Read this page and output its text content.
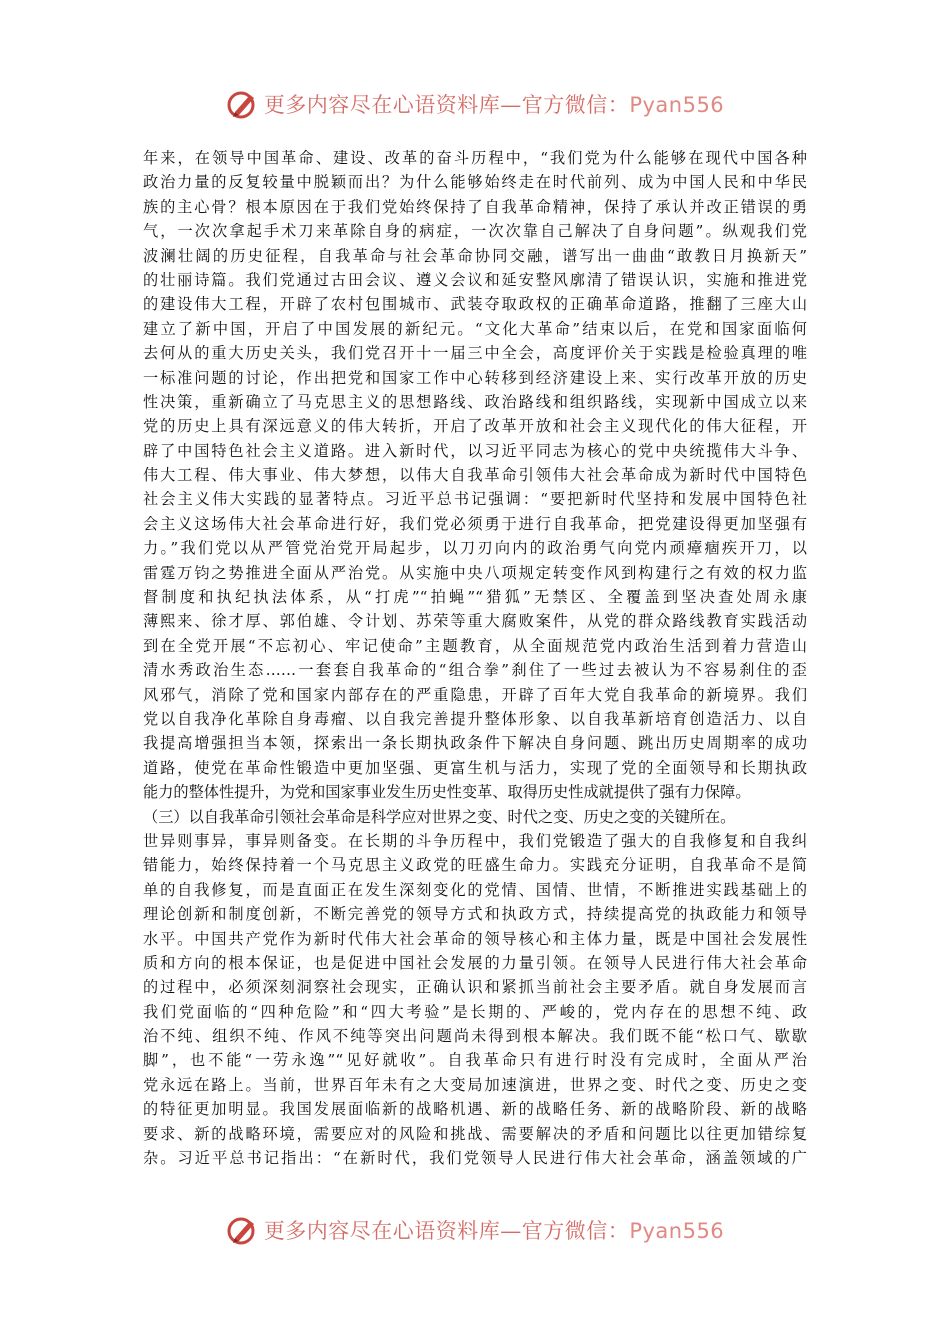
更多内容尽在心语资料库—官方微信：Pyan556
年来，在领导中国革命、建设、改革的奋斗历程中，“我们党为什么能够在现代中国各种
政治力量的反复较量中脱颖而出？为什么能够始终走在时代前列、成为中国人民和中华民
族的主心骨？根本原因在于我们党始终保持了自我革命精神，保持了承认并改正错误的勇
气，一次次拿起手术刀来革除自身的病症，一次次靠自己解决了自身问题”。纵观我们党
波澜壮阔的历史征程，自我革命与社会革命协同交融，谱写出一曲曲“敢教日月换新天”
的壮丽诗篇。我们党通过古田会议、遵义会议和延安整风廓清了错误认识，实施和推进党
的建设伟大工程，开辟了农村包围城市、武装夺取政权的正确革命道路，推翻了三座大山
建立了新中国，开启了中国发展的新纪元。“文化大革命”结束以后，在党和国家面临何
去何从的重大历史关头，我们党召开十一届三中全会，高度评价关于实践是检验真理的唯
一标准问题的讨论，作出把党和国家工作中心转移到经济建设上来、实行改革开放的历史
性决策，重新确立了马克思主义的思想路线、政治路线和组织路线，实现新中国成立以来
党的历史上具有深远意义的伟大转折，开启了改革开放和社会主义现代化的伟大征程，开
辟了中国特色社会主义道路。进入新时代，以习近平同志为核心的党中央统揽伟大斗争、
伟大工程、伟大事业、伟大梦想，以伟大自我革命引领伟大社会革命成为新时代中国特色
社会主义伟大实践的显著特点。习近平总书记强调：“要把新时代坚持和发展中国特色社
会主义这场伟大社会革命进行好，我们党必须勇于进行自我革命，把党建设得更加坚强有
力。”我们党以从严管党治党开局起步，以刀刃向内的政治勇气向党内顽瘴痼疾开刀，以
雷霆万钧之势推进全面从严治党。从实施中央八项规定转变作风到构建行之有效的权力监
督制度和执纪执法体系，从“打虎”“拍蝇”“猎狐”无禁区、全覆盖到坚决查处周永康
薄熙来、徐才厚、郭伯雄、令计划、苏荣等重大腐败案件，从党的群众路线教育实践活动
到在全党开展“不忘初心、牢记使命”主题教育，从全面规范党内政治生活到着力营造山
清水秀政治生态……一套套自我革命的“组合拳”刹住了一些过去被认为不容易刹住的歪
风邪气，消除了党和国家内部存在的严重隐患，开辟了百年大党自我革命的新境界。我们
党以自我净化革除自身毒瘤、以自我完善提升整体形象、以自我革新培育创造活力、以自
我提高增强担当本领，探索出一条长期执政条件下解决自身问题、跳出历史周期率的成功
道路，使党在革命性锻造中更加坚强、更富生机与活力，实现了党的全面领导和长期执政
能力的整体性提升，为党和国家事业发生历史性变革、取得历史性成就提供了强有力保障。
（三）以自我革命引领社会革命是科学应对世界之变、时代之变、历史之变的关键所在。
世异则事异，事异则备变。在长期的斗争历程中，我们党锻造了强大的自我修复和自我纠
错能力，始终保持着一个马克思主义政党的旺盛生命力。实践充分证明，自我革命不是简
单的自我修复，而是直面正在发生深刻变化的党情、国情、世情，不断推进实践基础上的
理论创新和制度创新，不断完善党的领导方式和执政方式，持续提高党的执政能力和领导
水平。中国共产党作为新时代伟大社会革命的领导核心和主体力量，既是中国社会发展性
质和方向的根本保证，也是促进中国社会发展的力量引领。在领导人民进行伟大社会革命
的过程中，必须深刻洞察社会现实，正确认识和紧抓当前社会主要矛盾。就自身发展而言
我们党面临的“四种危险”和“四大考验”是长期的、严峻的，党内存在的思想不纯、政
治不纯、组织不纯、作风不纯等突出问题尚未得到根本解决。我们既不能“松口气、歇歇
脚”，也不能“一劳永逸”“见好就收”。自我革命只有进行时没有完成时，全面从严治
党永远在路上。当前，世界百年未有之大变局加速演进，世界之变、时代之变、历史之变
的特征更加明显。我国发展面临新的战略机遇、新的战略任务、新的战略阶段、新的战略
要求、新的战略环境，需要应对的风险和挑战、需要解决的矛盾和问题比以往更加错综复
杂。习近平总书记指出：“在新时代，我们党领导人民进行伟大社会革命，涵盖领域的广
更多内容尽在心语资料库—官方微信：Pyan556
